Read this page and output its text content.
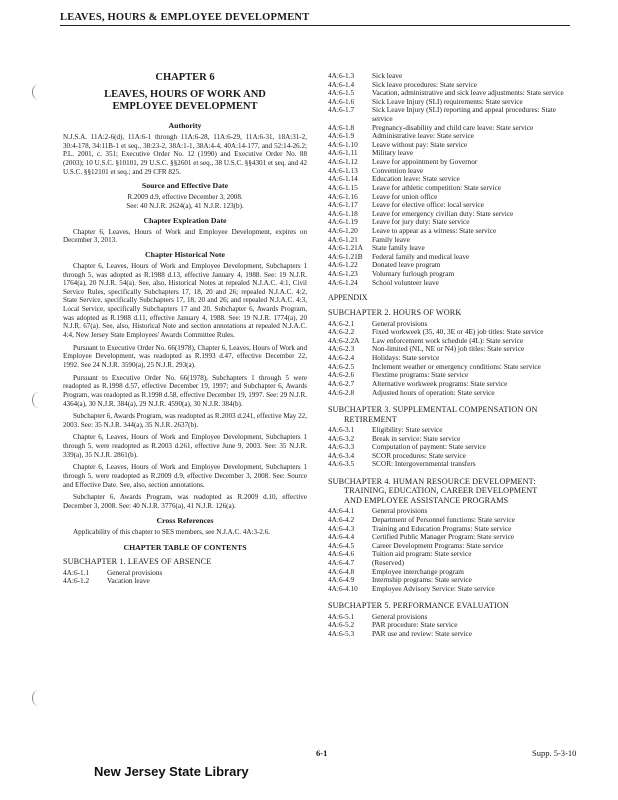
LEAVES, HOURS & EMPLOYEE DEVELOPMENT
CHAPTER 6
LEAVES, HOURS OF WORK AND
EMPLOYEE DEVELOPMENT
Authority

N.J.S.A. 11A:2-6(d), 11A:6-1 through 11A:6-28, 11A:6-29, 11A:6-31, 18A:31-2, 30:4-178, 34:11B-1 et seq., 38:23-2, 38A:1-1, 38A:4-4, 40A:14-177, and 52:14-26.2; P.L. 2001, c. 351; Executive Order No. 12 (1990) and Executive Order No. 88 (2003); 10 U.S.C. §10101, 29 U.S.C. §§2601 et seq., 38 U.S.C. §§4301 et seq. and 42 U.S.C. §§12101 et seq.; and 29 CFR 825.

Source and Effective Date

R.2009 d.9, effective December 3, 2008.

See: 40 N.J.R. 2624(a), 41 N.J.R. 123(b).

Chapter Expiration Date

Chapter 6, Leaves, Hours of Work and Employee Development, expires on December 3, 2013.

Chapter Historical Note

Chapter 6, Leaves, Hours of Work and Employee Development, Subchapters 1 through 5, was adopted as R.1988 d.13, effective January 4, 1988. See: 19 N.J.R. 1764(a), 20 N.J.R. 54(a). See, also, Historical Notes at repealed N.J.A.C. 4:1, Civil Service Rules, specifically Subchapters 17, 18, 20 and 26; repealed N.J.A.C. 4:2, State Service, specifically Subchapters 17, 18, 20 and 26; and repealed N.J.A.C. 4:3, Local Service, specifically Subchapters 17 and 20. Subchapter 6, Awards Program, was adopted as R.1988 d.11, effective January 4, 1988. See: 19 N.J.R. 1774(a), 20 N.J.R. 67(a). See, also, Historical Note and section annotations at repealed N.J.A.C. 4:4, New Jersey State Employees' Awards Committee Rules.

Pursuant to Executive Order No. 66(1978), Chapter 6, Leaves, Hours of Work and Employee Development, was readopted as R.1993 d.47, effective December 22, 1992. See 24 N.J.R. 3590(a), 25 N.J.R. 293(a).

Pursuant to Executive Order No. 66(1978), Subchapters 1 through 5 were readopted as R.1998 d.57, effective December 19, 1997; and Subchapter 6, Awards Program, was readopted as R.1998 d.58, effective December 19, 1997. See: 29 N.J.R. 4364(a), 30 N.J.R. 384(a), 29 N.J.R. 4590(a), 30 N.J.R. 384(b).

Subchapter 6, Awards Program, was readopted as R.2003 d.241, effective May 22, 2003. See: 35 N.J.R. 344(a), 35 N.J.R. 2637(b).

Chapter 6, Leaves, Hours of Work and Employee Development, Subchapters 1 through 5, were readopted as R.2003 d.261, effective June 9, 2003. See: 35 N.J.R. 339(a), 35 N.J.R. 2861(b).

Chapter 6, Leaves, Hours of Work and Employee Development, Subchapters 1 through 5, were readopted as R.2009 d.9, effective December 3, 2008. See: Source and Effective Date. See, also, section annotations.

Subchapter 6, Awards Program, was readopted as R.2009 d.10, effective December 3, 2008. See: 40 N.J.R. 3776(a), 41 N.J.R. 126(a).

Cross References

Applicability of this chapter to SES members, see N.J.A.C. 4A:3-2.6.

CHAPTER TABLE OF CONTENTS
SUBCHAPTER 1. LEAVES OF ABSENCE
4A:6-1.1	General provisions
4A:6-1.2	Vacation leave
4A:6-1.3	Sick leave
4A:6-1.4	Sick leave procedures: State service
4A:6-1.5	Vacation, administrative and sick leave adjustments: State service
4A:6-1.6	Sick Leave Injury (SLI) requirements: State service
4A:6-1.7	Sick Leave Injury (SLI) reporting and appeal procedures: State service
4A:6-1.8	Pregnancy-disability and child care leave: State service
4A:6-1.9	Administrative leave: State service
4A:6-1.10	Leave without pay: State service
4A:6-1.11	Military leave
4A:6-1.12	Leave for appointment by Governor
4A:6-1.13	Convention leave
4A:6-1.14	Education leave: State service
4A:6-1.15	Leave for athletic competition: State service
4A:6-1.16	Leave for union office
4A:6-1.17	Leave for elective office: local service
4A:6-1.18	Leave for emergency civilian duty: State service
4A:6-1.19	Leave for jury duty: State service
4A:6-1.20	Leave to appear as a witness: State service
4A:6-1.21	Family leave
4A:6-1.21A	State family leave
4A:6-1.21B	Federal family and medical leave
4A:6-1.22	Donated leave program
4A:6-1.23	Voluntary furlough program
4A:6-1.24	School volunteer leave
APPENDIX
SUBCHAPTER 2. HOURS OF WORK
4A:6-2.1	General provisions
4A:6-2.2	Fixed workweek (35, 40, 3E or 4E) job titles: State service
4A:6-2.2A	Law enforcement work schedule (4L): State service
4A:6-2.3	Non-limited (NL, NE or N4) job titles: State service
4A:6-2.4	Holidays: State service
4A:6-2.5	Inclement weather or emergency conditions: State service
4A:6-2.6	Flextime programs: State service
4A:6-2.7	Alternative workweek programs: State service
4A:6-2.8	Adjusted hours of operation: State service
SUBCHAPTER 3. SUPPLEMENTAL COMPENSATION ON
RETIREMENT
4A:6-3.1	Eligibility: State service
4A:6-3.2	Break in service: State service
4A:6-3.3	Computation of payment: State service
4A:6-3.4	SCOR procedures: State service
4A:6-3.5	SCOR: Intergovernmental transfers
SUBCHAPTER 4. HUMAN RESOURCE DEVELOPMENT:
TRAINING, EDUCATION, CAREER DEVELOPMENT
AND EMPLOYEE ASSISTANCE PROGRAMS
4A:6-4.1	General provisions
4A:6-4.2	Department of Personnel functions: State service
4A:6-4.3	Training and Education Programs: State service
4A:6-4.4	Certified Public Manager Program: State service
4A:6-4.5	Career Development Programs: State service
4A:6-4.6	Tuition aid program: State service
4A:6-4.7	(Reserved)
4A:6-4.8	Employee interchange program
4A:6-4.9	Internship programs: State service
4A:6-4.10	Employee Advisory Service: State service
SUBCHAPTER 5. PERFORMANCE EVALUATION
4A:6-5.1	General provisions
4A:6-5.2	PAR procedure: State service
4A:6-5.3	PAR use and review: State service
6-1	Supp. 5-3-10
New Jersey State Library
